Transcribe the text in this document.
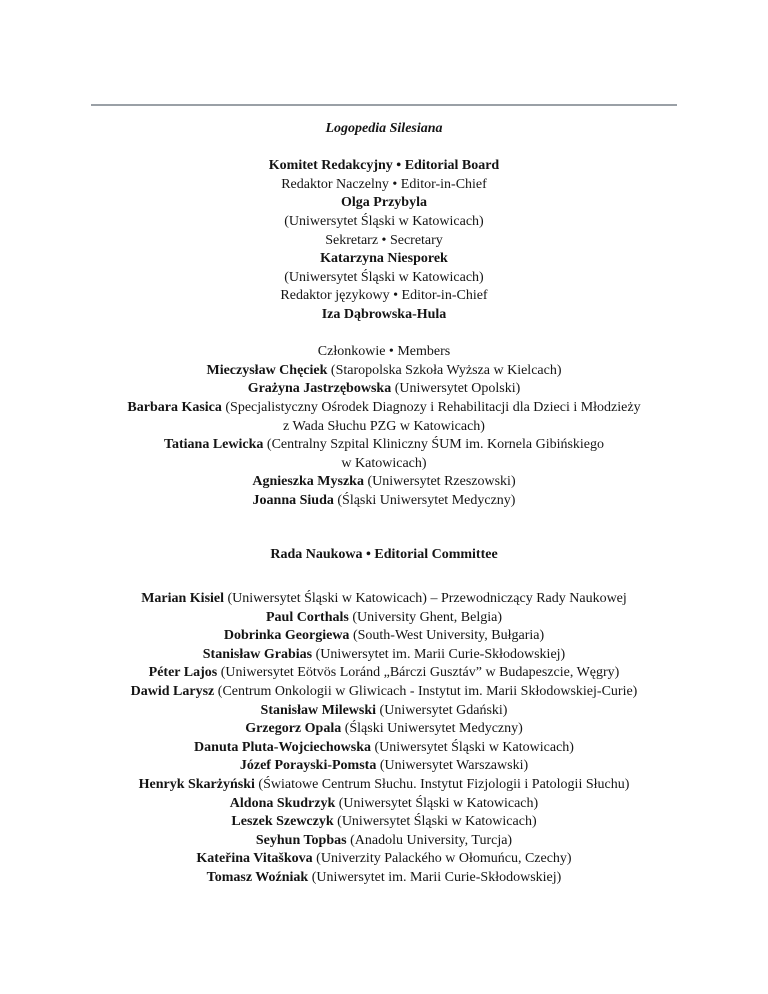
Logopedia Silesiana

Komitet Redakcyjny • Editorial Board

Redaktor Naczelny • Editor-in-Chief

Olga Przybyla

(Uniwersytet Śląski w Katowicach)

Sekretarz • Secretary

Katarzyna Niesporek

(Uniwersytet Śląski w Katowicach)

Redaktor językowy • Editor-in-Chief

Iza Dąbrowska-Hula

Członkowie • Members

Mieczysław Chęciek (Staropolska Szkoła Wyższa w Kielcach)

Grażyna Jastrzębowska (Uniwersytet Opolski)

Barbara Kasica (Specjalistyczny Ośrodek Diagnozy i Rehabilitacji dla Dzieci i Młodzieży
z Wada Słuchu PZG w Katowicach)

Tatiana Lewicka (Centralny Szpital Kliniczny ŚUM im. Kornela Gibińskiego
w Katowicach)

Agnieszka Myszka (Uniwersytet Rzeszowski)

Joanna Siuda (Śląski Uniwersytet Medyczny)

Rada Naukowa • Editorial Committee

Marian Kisiel (Uniwersytet Śląski w Katowicach) – Przewodniczący Rady Naukowej

Paul Corthals (University Ghent, Belgia)

Dobrinka Georgiewa (South-West University, Bułgaria)

Stanisław Grabias (Uniwersytet im. Marii Curie-Skłodowskiej)

Péter Lajos (Uniwersytet Eötvös Loránd „Bárczi Gusztáv” w Budapeszcie, Węgry)

Dawid Larysz (Centrum Onkologii w Gliwicach - Instytut im. Marii Skłodowskiej-Curie)

Stanisław Milewski (Uniwersytet Gdański)

Grzegorz Opala (Śląski Uniwersytet Medyczny)

Danuta Pluta-Wojciechowska (Uniwersytet Śląski w Katowicach)

Józef Porayski-Pomsta (Uniwersytet Warszawski)

Henryk Skarżyński (Światowe Centrum Słuchu. Instytut Fizjologii i Patologii Słuchu)

Aldona Skudrzyk (Uniwersytet Śląski w Katowicach)

Leszek Szewczyk (Uniwersytet Śląski w Katowicach)

Seyhun Topbas (Anadolu University, Turcja)

Kateřina Vitaškova (Univerzity Palackého w Ołomuńcu, Czechy)

Tomasz Woźniak (Uniwersytet im. Marii Curie-Skłodowskiej)
